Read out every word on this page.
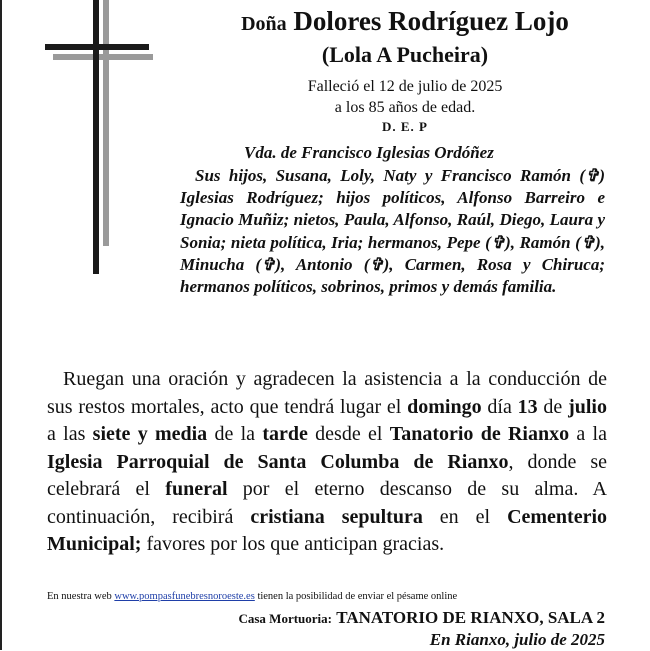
Doña Dolores Rodríguez Lojo
(Lola A Pucheira)
Falleció el 12 de julio de 2025
a los 85 años de edad.
D. E. P
Vda. de Francisco Iglesias Ordóñez
Sus hijos, Susana, Loly, Naty y Francisco Ramón (✞) Iglesias Rodríguez; hijos políticos, Alfonso Barreiro e Ignacio Muñiz; nietos, Paula, Alfonso, Raúl, Diego, Laura y Sonia; nieta política, Iria; hermanos, Pepe (✞), Ramón (✞), Minucha (✞), Antonio (✞), Carmen, Rosa y Chiruca; hermanos políticos, sobrinos, primos y demás familia.
Ruegan una oración y agradecen la asistencia a la conducción de sus restos mortales, acto que tendrá lugar el domingo día 13 de julio a las siete y media de la tarde desde el Tanatorio de Rianxo a la Iglesia Parroquial de Santa Columba de Rianxo, donde se celebrará el funeral por el eterno descanso de su alma. A continuación, recibirá cristiana sepultura en el Cementerio Municipal; favores por los que anticipan gracias.
En nuestra web www.pompasfunebresnoroeste.es tienen la posibilidad de enviar el pésame online
Casa Mortuoria: TANATORIO DE RIANXO, SALA 2
En Rianxo, julio de 2025
